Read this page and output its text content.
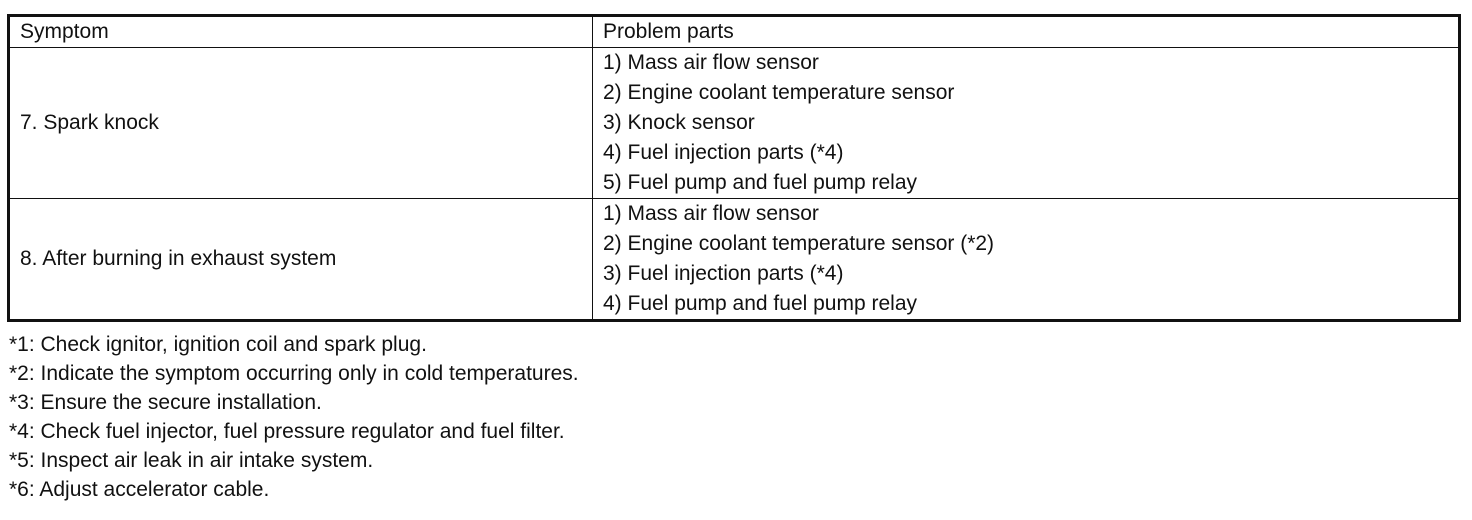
Symptom	Problem parts
7. Spark knock	1) Mass air flow sensor
2) Engine coolant temperature sensor
3) Knock sensor
4) Fuel injection parts (*4)
5) Fuel pump and fuel pump relay

8. After burning in exhaust system	1) Mass air flow sensor
2) Engine coolant temperature sensor (*2)
3) Fuel injection parts (*4)
4) Fuel pump and fuel pump relay
*1: Check ignitor, ignition coil and spark plug.
*2: Indicate the symptom occurring only in cold temperatures.
*3: Ensure the secure installation.
*4: Check fuel injector, fuel pressure regulator and fuel filter.
*5: Inspect air leak in air intake system.
*6: Adjust accelerator cable.
